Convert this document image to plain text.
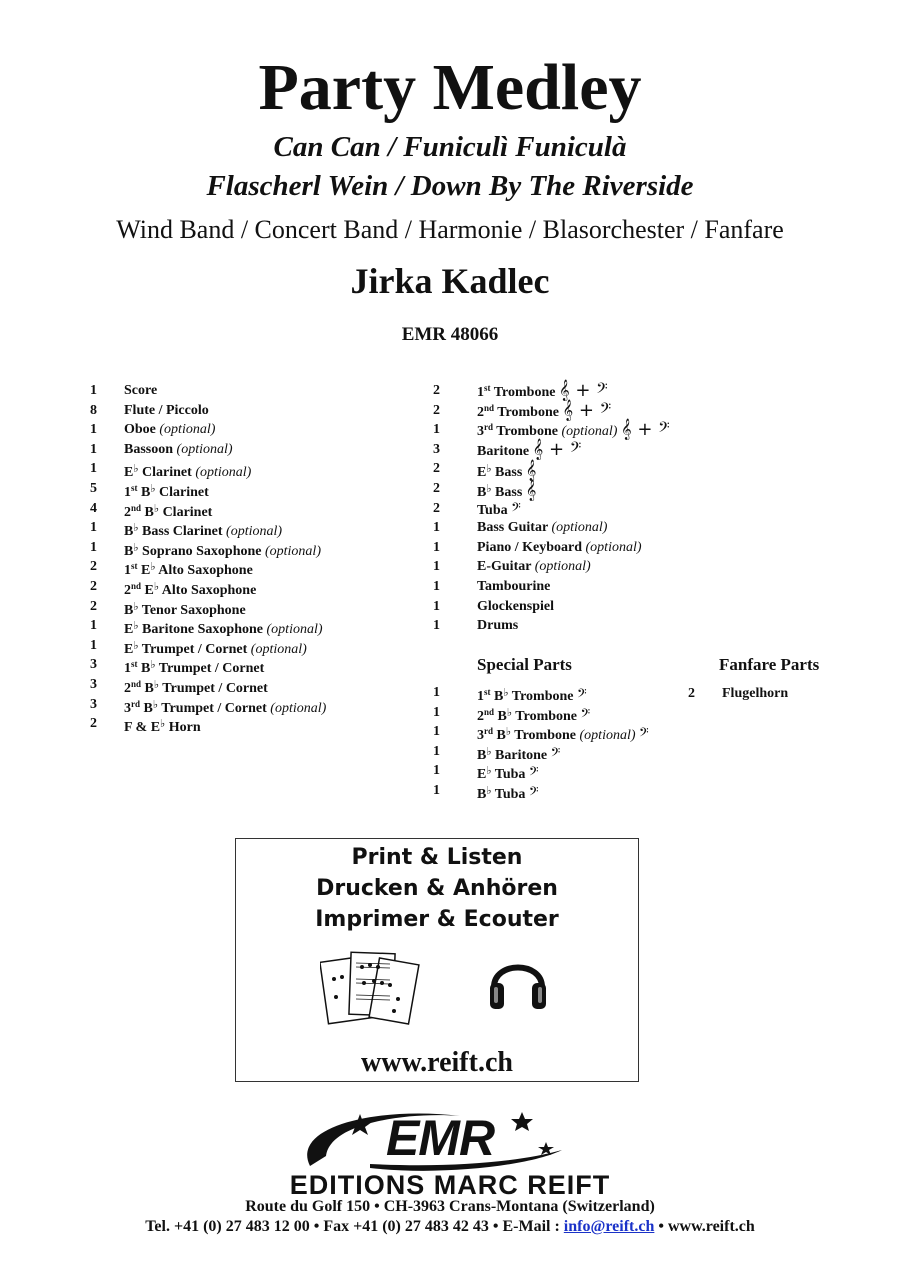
Party Medley
Can Can / Funiculì Funiculà
Flascherl Wein / Down By The Riverside
Wind Band / Concert Band / Harmonie / Blasorchester / Fanfare
Jirka Kadlec
EMR 48066
1 Score
8 Flute / Piccolo
1 Oboe (optional)
1 Bassoon (optional)
1 E♭ Clarinet (optional)
5 1st B♭ Clarinet
4 2nd B♭ Clarinet
1 B♭ Bass Clarinet (optional)
1 B♭ Soprano Saxophone (optional)
2 1st E♭ Alto Saxophone
2 2nd E♭ Alto Saxophone
2 B♭ Tenor Saxophone
1 E♭ Baritone Saxophone (optional)
1 E♭ Trumpet / Cornet (optional)
3 1st B♭ Trumpet / Cornet
3 2nd B♭ Trumpet / Cornet
3 3rd B♭ Trumpet / Cornet (optional)
2 F & E♭ Horn
2	1st Trombone 𝄞 + 𝄢
2	2nd Trombone 𝄞 + 𝄢
1	3rd Trombone (optional) 𝄞 + 𝄢
3	Baritone 𝄞 + 𝄢
2	E♭ Bass 𝄞
2	B♭ Bass 𝄞
2	Tuba 𝄢
1	Bass Guitar (optional)
1	Piano / Keyboard (optional)
1	E-Guitar (optional)
1	Tambourine
1	Glockenspiel
1	Drums
Special Parts	Fanfare Parts
1	1st B♭ Trombone 𝄢
1	2nd B♭ Trombone 𝄢
1	3rd B♭ Trombone (optional) 𝄢
1	B♭ Baritone 𝄢
1	E♭ Tuba 𝄢
1	B♭ Tuba 𝄢
2 Flugelhorn
Print & Listen
Drucken & Anhören
Imprimer & Ecouter
www.reift.ch
EMR
EDITIONS MARC REIFT
Route du Golf 150 • CH-3963 Crans-Montana (Switzerland)
Tel. +41 (0) 27 483 12 00 • Fax +41 (0) 27 483 42 43 • E-Mail : info@reift.ch • www.reift.ch
